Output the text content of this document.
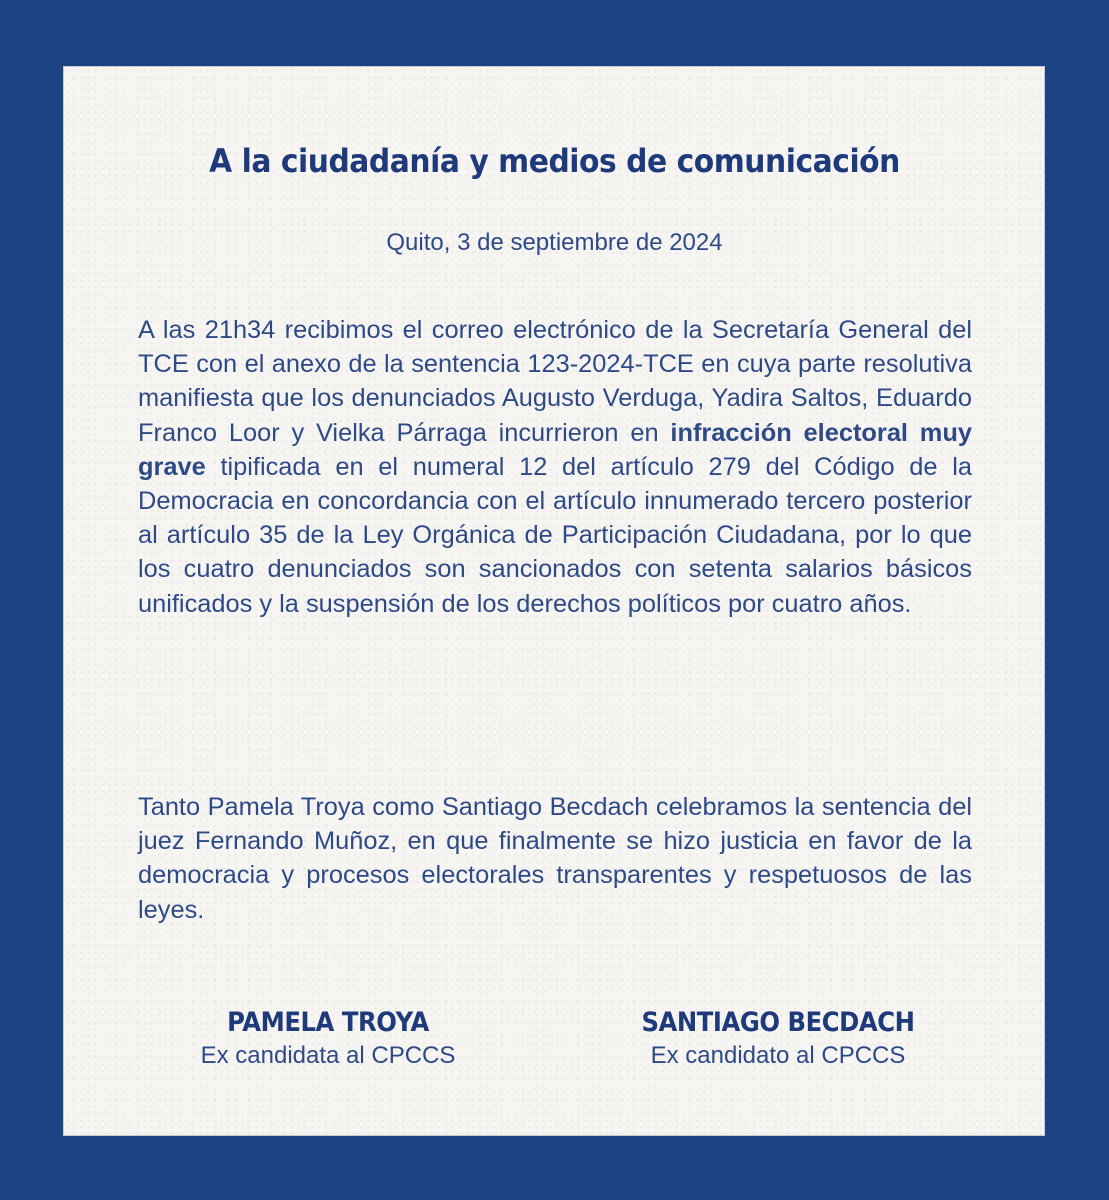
A la ciudadanía y medios de comunicación
Quito, 3 de septiembre de 2024

A las 21h34 recibimos el correo electrónico de la Secretaría General del TCE con el anexo de la sentencia 123-2024-TCE en cuya parte resolutiva manifiesta que los denunciados Augusto Verduga, Yadira Saltos, Eduardo Franco Loor y Vielka Párraga incurrieron en infracción electoral muy grave tipificada en el numeral 12 del artículo 279 del Código de la Democracia en concordancia con el artículo innumerado tercero posterior al artículo 35 de la Ley Orgánica de Participación Ciudadana, por lo que los cuatro denunciados son sancionados con setenta salarios básicos unificados y la suspensión de los derechos políticos por cuatro años.

Tanto Pamela Troya como Santiago Becdach celebramos la sentencia del juez Fernando Muñoz, en que finalmente se hizo justicia en favor de la democracia y procesos electorales transparentes y respetuosos de las leyes.

PAMELA TROYA
Ex candidata al CPCCS
SANTIAGO BECDACH
Ex candidato al CPCCS
